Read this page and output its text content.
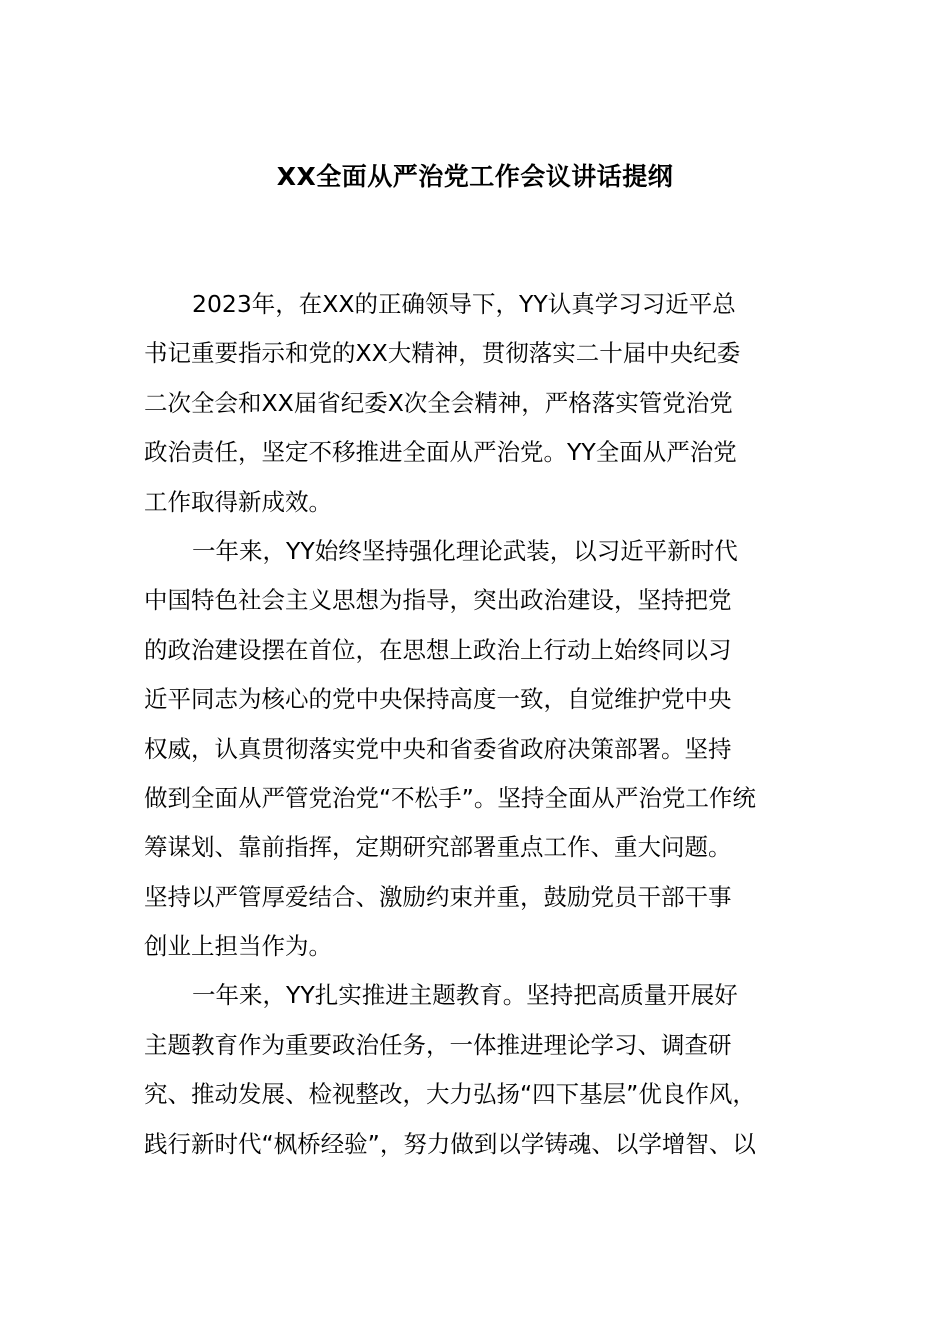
XX全面从严治党工作会议讲话提纲
2023年，在XX的正确领导下，YY认真学习习近平总
书记重要指示和党的XX大精神，贯彻落实二十届中央纪委
二次全会和XX届省纪委X次全会精神，严格落实管党治党
政治责任，坚定不移推进全面从严治党。YY全面从严治党
工作取得新成效。
一年来，YY始终坚持强化理论武装，以习近平新时代
中国特色社会主义思想为指导，突出政治建设，坚持把党
的政治建设摆在首位，在思想上政治上行动上始终同以习
近平同志为核心的党中央保持高度一致，自觉维护党中央
权威，认真贯彻落实党中央和省委省政府决策部署。坚持
做到全面从严管党治党“不松手”。坚持全面从严治党工作统
筹谋划、靠前指挥，定期研究部署重点工作、重大问题。
坚持以严管厚爱结合、激励约束并重，鼓励党员干部干事
创业上担当作为。
一年来，YY扎实推进主题教育。坚持把高质量开展好
主题教育作为重要政治任务，一体推进理论学习、调查研
究、推动发展、检视整改，大力弘扬“四下基层”优良作风，
践行新时代“枫桥经验”，努力做到以学铸魂、以学增智、以
